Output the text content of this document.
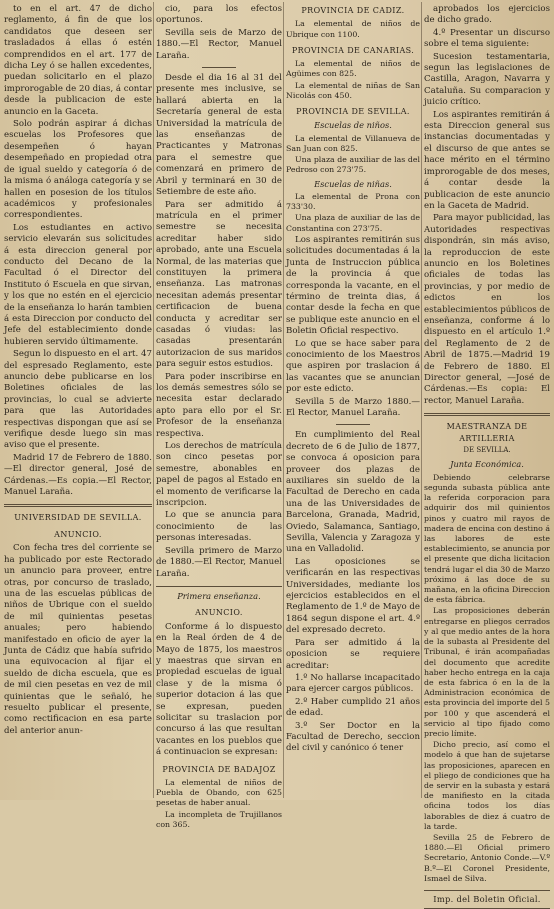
to en el art. 47 de dicho reglamento, á fin de que los candidatos que deseen ser trasladados á ellas ó estén comprendidos en el art. 177 de dicha Ley ó se hallen excedentes, puedan solicitarlo en el plazo improrogable de 20 dias, á contar desde la publicacion de este anuncio en la Gaceta.

Solo podrán aspirar á dichas escuelas los Profesores que desempeñen ó hayan desempeñado en propiedad otra de igual sueldo y categoría ó de la misma ó análoga categoría y se hallen en posesion de los títulos académicos y profesionales correspondientes.

Los estudiantes en activo servicio elevarán sus solicitudes á esta direccion general por conducto del Decano de la Facultad ó el Director del Instituto ó Escuela en que sirvan, y los que no estén en el ejercicio de la enseñanza lo harán tambien á esta Direccion por conducto del Jefe del establecimiento donde hubieren servido últimamente.

Segun lo dispuesto en el art. 47 del espresado Reglamento, este anuncio debe publicarse en los Boletines oficiales de las provincias, lo cual se advierte para que las Autoridades respectivas dispongan que así se verifique desde luego sin mas aviso que el presente.

Madrid 17 de Febrero de 1880.—El director general, José de Cárdenas.—Es copia.—El Rector, Manuel Laraña.

UNIVERSIDAD DE SEVILLA.
ANUNCIO.

Con fecha tres del corriente se ha publicado por este Rectorado un anuncio para proveer, entre otras, por concurso de traslado, una de las escuelas públicas de niños de Ubrique con el sueldo de mil quinientas pesetas anuales; pero habiendo manifestado en oficio de ayer la Junta de Cádiz que había sufrido una equivocacion al fijar el sueldo de dicha escuela, que es de mil cien pesetas en vez de mil quinientas que le señaló, he resuelto publicar el presente, como rectificacion en esa parte del anterior anun-

cio, para los efectos oportunos.

Sevilla seis de Marzo de 1880.—El Rector, Manuel Laraña.

Desde el dia 16 al 31 del presente mes inclusive, se hallará abierta en la Secretaría general de esta Universidad la matrícula de las enseñanzas de Practicantes y Matronas para el semestre que comenzará en primero de Abril y terminará en 30 de Setiembre de este año.

Para ser admitido á matrícula en el primer semestre se necesita acreditar haber sido aprobado, ante una Escuela Normal, de las materias que constituyen la primera enseñanza. Las matronas necesitan además presentar certificacion de buena conducta y acreditar ser casadas ó viudas: las casadas presentarán autorizacion de sus maridos para seguir estos estudios.

Para poder inscribirse en los demás semestres sólo se necesita estar declarado apto para ello por el Sr. Profesor de la enseñanza respectiva.

Los derechos de matrícula son cinco pesetas por semestre, abonables en papel de pagos al Estado en el momento de verificarse la inscripcion.

Lo que se anuncia para conocimiento de las personas interesadas.

Sevilla primero de Marzo de 1880.—El Rector, Manuel Laraña.

Primera enseñanza.
ANUNCIO.

Conforme á lo dispuesto en la Real órden de 4 de Mayo de 1875, los maestros y maestras que sirvan en propiedad escuelas de igual clase y de la misma ó superior dotacion á las que se expresan, pueden solicitar su traslacion por concurso á las que resultan vacantes en los pueblos que á continuacion se expresan:

PROVINCIA DE BADAJOZ

La elemental de niños de Puebla de Obando, con 625 pesetas de haber anual.

La incompleta de Trujillanos con 365.

PROVINCIA DE CADIZ.

La elemental de niños de Ubrique con 1100.

PROVINCIA DE CANARIAS.

La elemental de niños de Agüimes con 825.

La elemental de niñas de San Nicolás con 450.

PROVINCIA DE SEVILLA.
Escuelas de niños.

La elemental de Villanueva de San Juan con 825.

Una plaza de auxiliar de las del Pedroso con 273'75.

Escuelas de niñas.

La elemental de Prona con 733'30.

Una plaza de auxiliar de las de Constantina con 273'75.

Los aspirantes remitirán sus solicitudes documentadas á la Junta de Instruccion pública de la provincia á que corresponda la vacante, en el término de treinta dias, á contar desde la fecha en que se publique este anuncio en el Boletin Oficial respectivo.

Lo que se hace saber para conocimiento de los Maestros que aspiren por traslacion á las vacantes que se anuncian por este edicto.

Sevilla 5 de Marzo 1880.—El Rector, Manuel Laraña.

En cumplimiento del Real decreto de 6 de Julio de 1877, se convoca á oposicion para proveer dos plazas de auxiliares sin sueldo de la Facultad de Derecho en cada una de las Universidades de Barcelona, Granada, Madrid, Oviedo, Salamanca, Santiago, Sevilla, Valencia y Zaragoza y una en Valladolid.

Las oposiciones se verificarán en las respectivas Universidades, mediante los ejercicios establecidos en el Reglamento de 1.º de Mayo de 1864 segun dispone el art. 4.º del expresado decreto.

Para ser admitido á la oposicion se requiere acreditar:

1.º No hallarse incapacitado para ejercer cargos públicos.

2.º Haber cumplido 21 años de edad.

3.º Ser Doctor en la Facultad de Derecho, seccion del civil y canónico ó tener

aprobados los ejercicios de dicho grado.

4.º Presentar un discurso sobre el tema siguiente:

Sucesion testamentaria, segun las legislaciones de Castilla, Aragon, Navarra y Cataluña. Su comparacion y juicio crítico.

Los aspirantes remitirán á esta Direccion general sus instancias documentadas y el discurso de que antes se hace mérito en el término improrogable de dos meses, á contar desde la publicacion de este anuncio en la Gaceta de Madrid.

Para mayor publicidad, las Autoridades respectivas dispondrán, sin más aviso, la reproduccion de este anuncio en los Boletines oficiales de todas las provincias, y por medio de edictos en los establecimientos públicos de enseñanza, conforme á lo dispuesto en el artículo 1.º del Reglamento de 2 de Abril de 1875.—Madrid 19 de Febrero de 1880. El Director general, —José de Cárdenas.—Es copia: El rector, Manuel Laraña.

MAESTRANZA DE ARTILLERIA
DE SEVILLA.
Junta Económica.

Debiendo celebrarse segunda subasta pública ante la referida corporacion para adquirir dos mil quinientos pinos y cuatro mil rayos de madera de encina con destino á las labores de este establecimiento, se anuncia por el presente que dicha licitacion tendrá lugar el dia 30 de Marzo próximo á las doce de su mañana, en la oficina Direccion de esta fábrica.

Las proposiciones deberán entregarse en pliegos cerrados y al que medio antes de la hora de la subasta al Presidente del Tribunal, é irán acompañadas del documento que acredite haber hecho entrega en la caja de esta fabrica ó en la de la Administracion económica de esta provincia del importe del 5 por 100 y que ascenderá el servicio al tipo fijado como precio límite.

Dicho precio, así como el modelo á que han de sujetarse las proposiciones, aparecen en el pliego de condiciones que ha de servir en la subasta y estará de manifiesto en la citada oficina todos los días laborables de diez á cuatro de la tarde.

Sevilla 25 de Febrero de 1880.—El Oficial primero Secretario, Antonio Conde.—V.º B.º—El Coronel Presidente, Ismael de Silva.

Imp. del Boletin Oficial.
